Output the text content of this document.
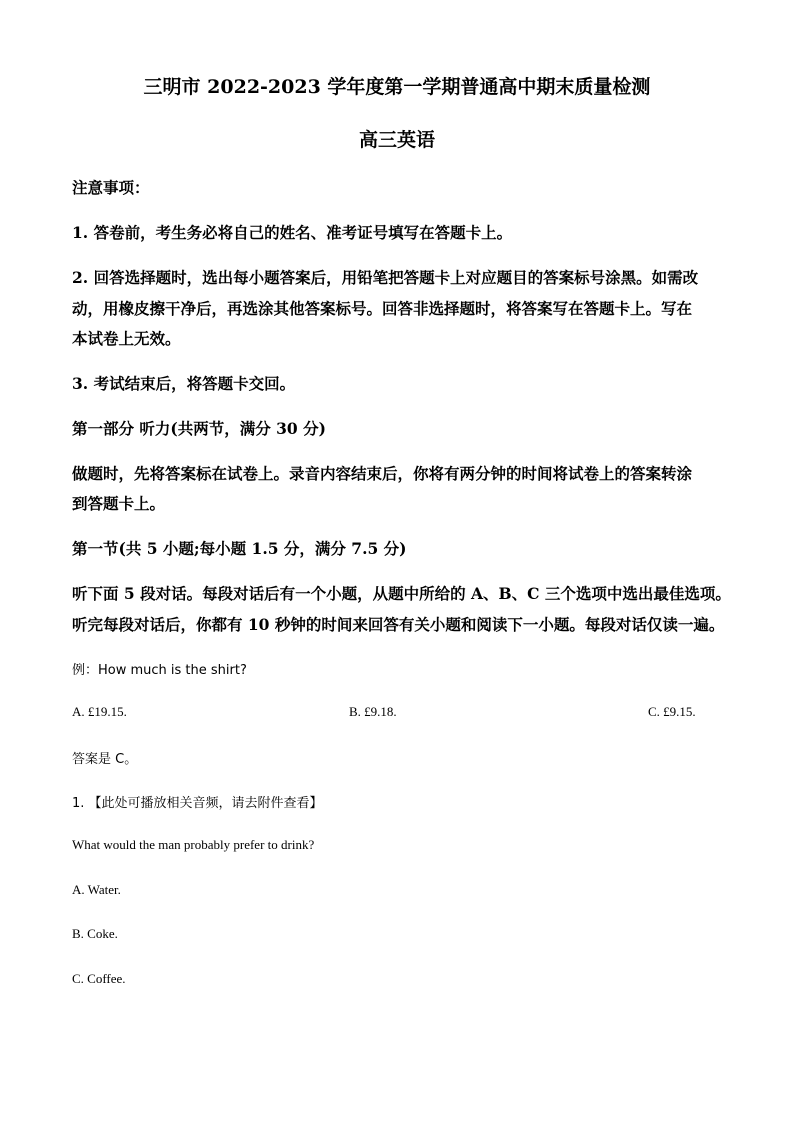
三明市 2022-2023 学年度第一学期普通高中期末质量检测
高三英语
注意事项：
1. 答卷前，考生务必将自己的姓名、准考证号填写在答题卡上。
2. 回答选择题时，选出每小题答案后，用铅笔把答题卡上对应题目的答案标号涂黑。如需改
动，用橡皮擦干净后，再选涂其他答案标号。回答非选择题时，将答案写在答题卡上。写在
本试卷上无效。
3. 考试结束后，将答题卡交回。
第一部分 听力(共两节，满分 30 分)
做题时，先将答案标在试卷上。录音内容结束后，你将有两分钟的时间将试卷上的答案转涂
到答题卡上。
第一节(共 5 小题;每小题 1.5 分，满分 7.5 分)
听下面 5 段对话。每段对话后有一个小题，从题中所给的 A、B、C 三个选项中选出最佳选项。
听完每段对话后，你都有 10 秒钟的时间来回答有关小题和阅读下一小题。每段对话仅读一遍。
例：How much is the shirt?
A. £19.15.	B. £9.18.	C. £9.15.
答案是 C。
1. 【此处可播放相关音频，请去附件查看】
What would the man probably prefer to drink?
A. Water.
B. Coke.
C. Coffee.
